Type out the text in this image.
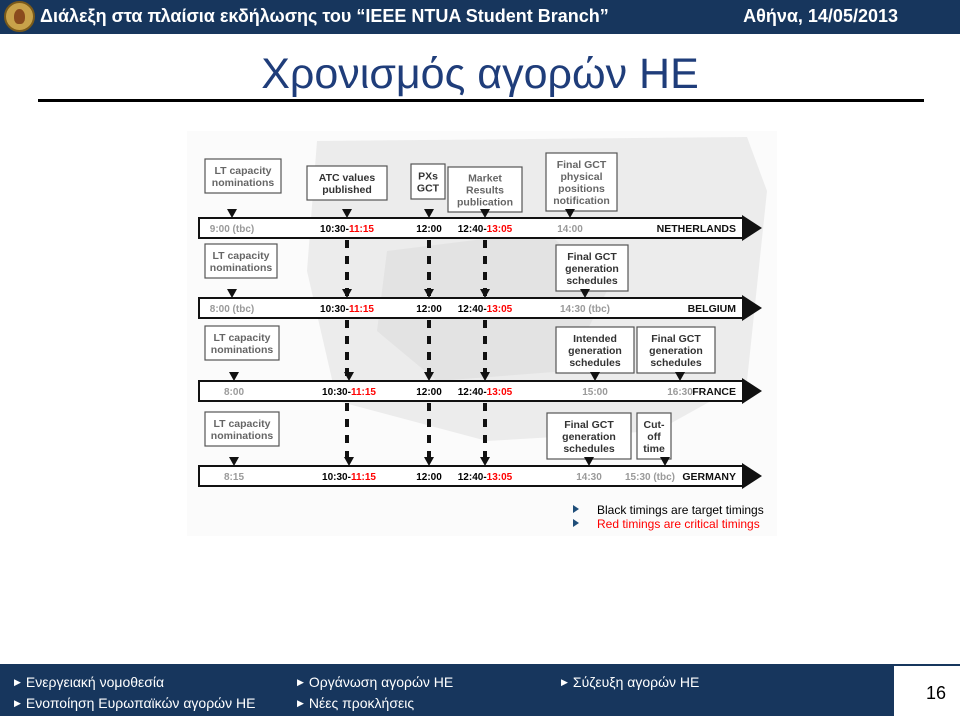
Διάλεξη στα πλαίσια εκδήλωσης του “IEEE NTUA Student Branch”	Αθήνα, 14/05/2013
Χρονισμός αγορών ΗΕ
LT capacity
nominations	ATC values
published
PXs
GCT
Market
Results
publication
Final GCT
physical
positions
notification
9:00 (tbc)	10:30-11:15	12:00 12:40-13:05	14:00	NETHERLANDS
LT capacity
nominations
Final GCT
generation
schedules
8:00 (tbc)	10:30-11:15	12:00 12:40-13:05	14:30 (tbc)	BELGIUM
LT capacity
nominations
Intended
generation
schedules
Final GCT
generation
schedules
8:00	10:30-11:15	12:00 12:40-13:05	15:00	16:30 FRANCE
LT capacity
nominations
Final GCT
generation
schedules
Cut-
off
time
8:15	10:30-11:15	12:00 12:40-13:05	14:30 15:30 (tbc) GERMANY
Black timings are target timings
Red timings are critical timings
▶ Ενεργειακή νομοθεσία
▶ Ενοποίηση Ευρωπαϊκών αγορών ΗΕ
▶ Οργάνωση αγορών ΗΕ
▶ Νέες προκλήσεις
▶ Σύζευξη αγορών ΗΕ
16
